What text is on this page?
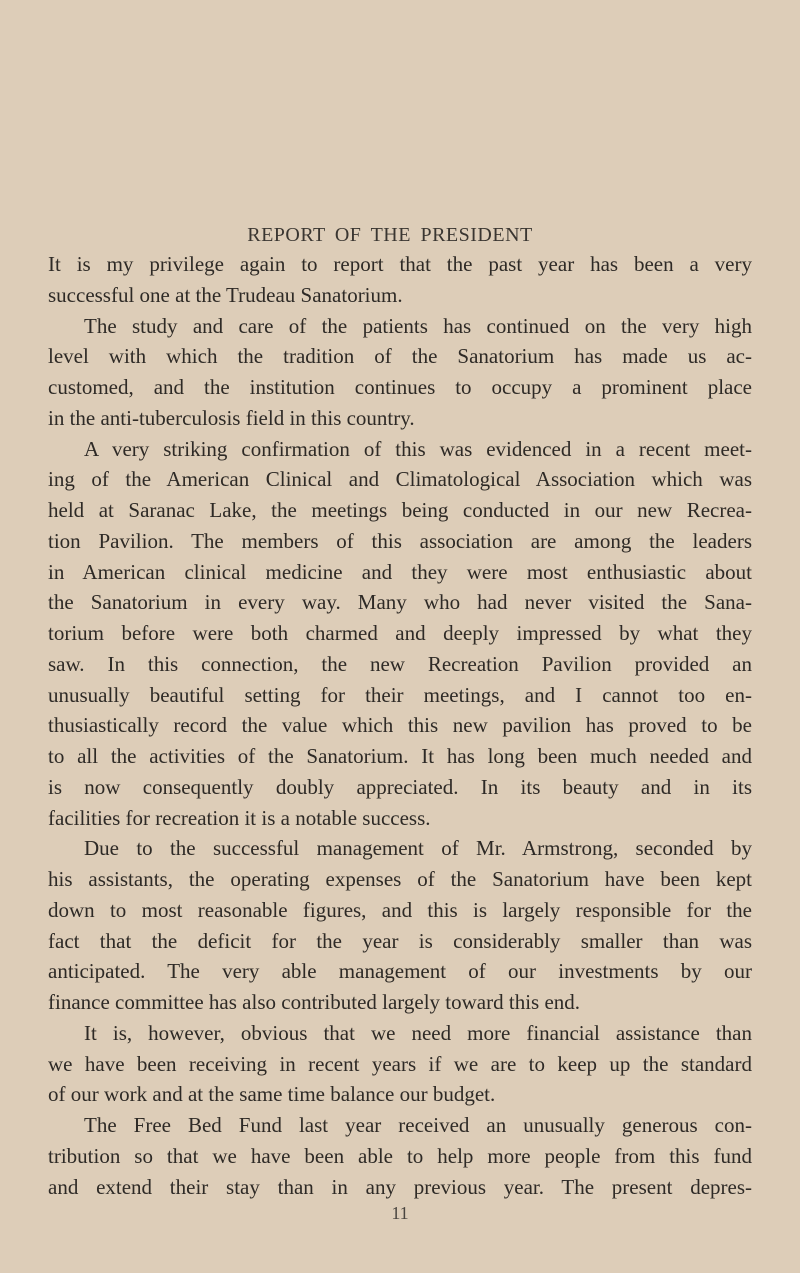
REPORT OF THE PRESIDENT
It is my privilege again to report that the past year has been a very
successful one at the Trudeau Sanatorium.
The study and care of the patients has continued on the very high
level with which the tradition of the Sanatorium has made us ac-
customed, and the institution continues to occupy a prominent place
in the anti-tuberculosis field in this country.
A very striking confirmation of this was evidenced in a recent meet-
ing of the American Clinical and Climatological Association which was
held at Saranac Lake, the meetings being conducted in our new Recrea-
tion Pavilion. The members of this association are among the leaders
in American clinical medicine and they were most enthusiastic about
the Sanatorium in every way. Many who had never visited the Sana-
torium before were both charmed and deeply impressed by what they
saw. In this connection, the new Recreation Pavilion provided an
unusually beautiful setting for their meetings, and I cannot too en-
thusiastically record the value which this new pavilion has proved to be
to all the activities of the Sanatorium. It has long been much needed and
is now consequently doubly appreciated. In its beauty and in its
facilities for recreation it is a notable success.
Due to the successful management of Mr. Armstrong, seconded by
his assistants, the operating expenses of the Sanatorium have been kept
down to most reasonable figures, and this is largely responsible for the
fact that the deficit for the year is considerably smaller than was
anticipated. The very able management of our investments by our
finance committee has also contributed largely toward this end.
It is, however, obvious that we need more financial assistance than
we have been receiving in recent years if we are to keep up the standard
of our work and at the same time balance our budget.
The Free Bed Fund last year received an unusually generous con-
tribution so that we have been able to help more people from this fund
and extend their stay than in any previous year. The present depres-
11
